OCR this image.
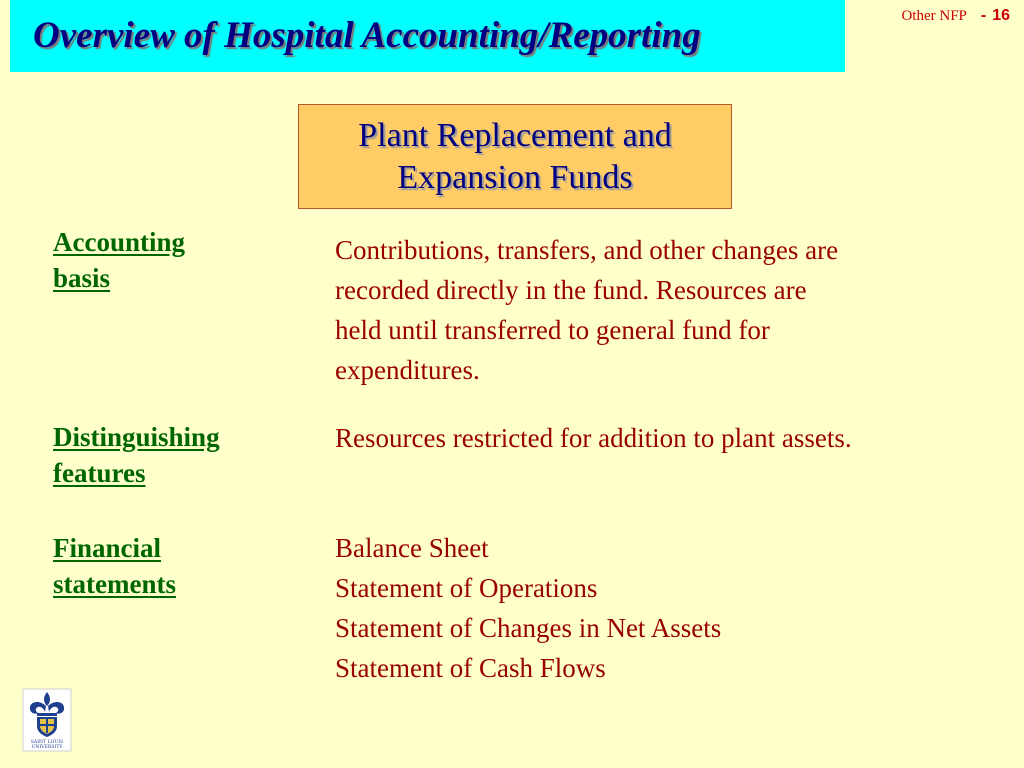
Overview of Hospital Accounting/Reporting	Other NFP - 16
Plant Replacement and
Expansion Funds
Accounting
basis
Contributions, transfers, and other changes are
recorded directly in the fund. Resources are
held until transferred to general fund for
expenditures.
Distinguishing
features
Resources restricted for addition to plant assets.
Financial
statements
Balance Sheet
Statement of Operations
Statement of Changes in Net Assets
Statement of Cash Flows
SAINT LOUIS
UNIVERSITY
